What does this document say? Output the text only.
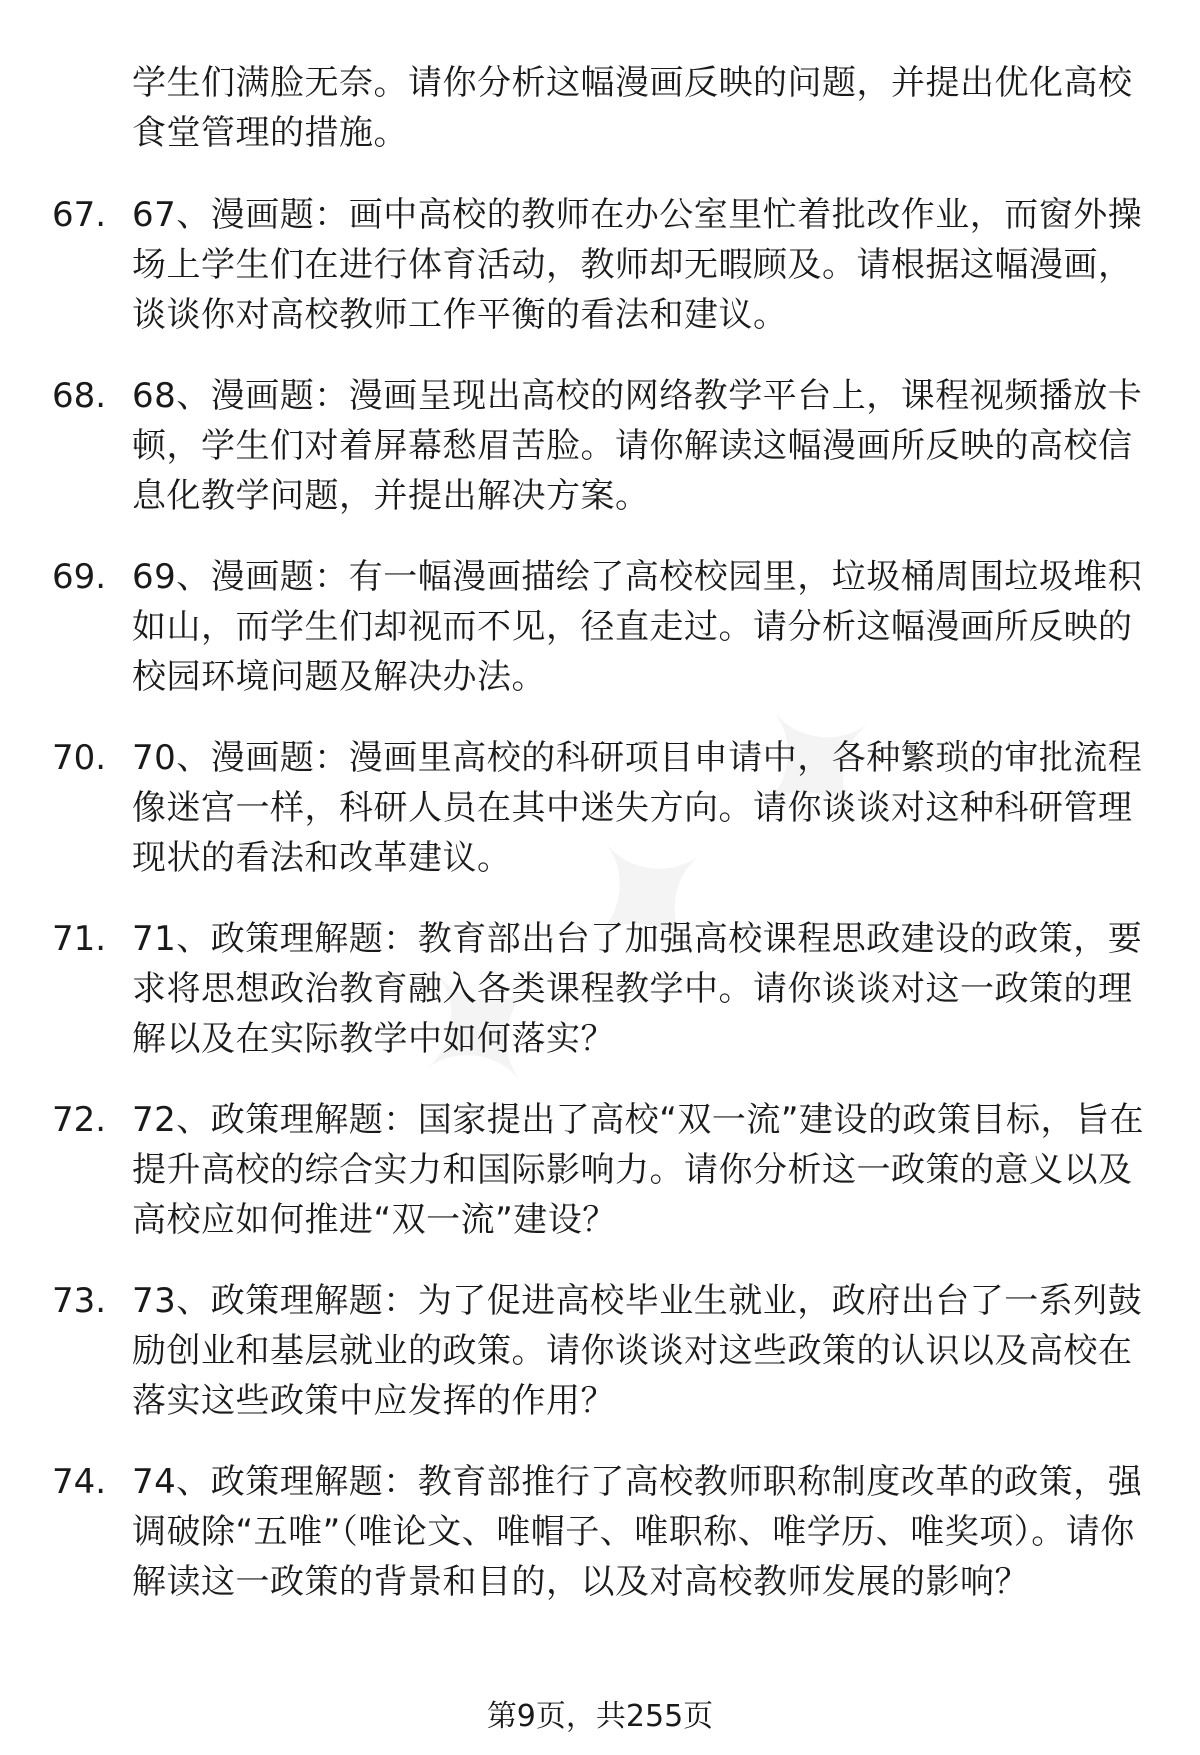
学生们满脸无奈。请你分析这幅漫画反映的问题，并提出优化高校食堂管理的措施。
67. 67、漫画题：画中高校的教师在办公室里忙着批改作业，而窗外操场上学生们在进行体育活动，教师却无暇顾及。请根据这幅漫画，谈谈你对高校教师工作平衡的看法和建议。
68. 68、漫画题：漫画呈现出高校的网络教学平台上，课程视频播放卡顿，学生们对着屏幕愁眉苦脸。请你解读这幅漫画所反映的高校信息化教学问题，并提出解决方案。
69. 69、漫画题：有一幅漫画描绘了高校校园里，垃圾桶周围垃圾堆积如山，而学生们却视而不见，径直走过。请分析这幅漫画所反映的校园环境问题及解决办法。
70. 70、漫画题：漫画里高校的科研项目申请中，各种繁琐的审批流程像迷宫一样，科研人员在其中迷失方向。请你谈谈对这种科研管理现状的看法和改革建议。
71. 71、政策理解题：教育部出台了加强高校课程思政建设的政策，要求将思想政治教育融入各类课程教学中。请你谈谈对这一政策的理解以及在实际教学中如何落实？
72. 72、政策理解题：国家提出了高校“双一流”建设的政策目标，旨在提升高校的综合实力和国际影响力。请你分析这一政策的意义以及高校应如何推进“双一流”建设？
73. 73、政策理解题：为了促进高校毕业生就业，政府出台了一系列鼓励创业和基层就业的政策。请你谈谈对这些政策的认识以及高校在落实这些政策中应发挥的作用？
74. 74、政策理解题：教育部推行了高校教师职称制度改革的政策，强调破除“五唯”（唯论文、唯帽子、唯职称、唯学历、唯奖项）。请你解读这一政策的背景和目的，以及对高校教师发展的影响？
第9页，共255页
